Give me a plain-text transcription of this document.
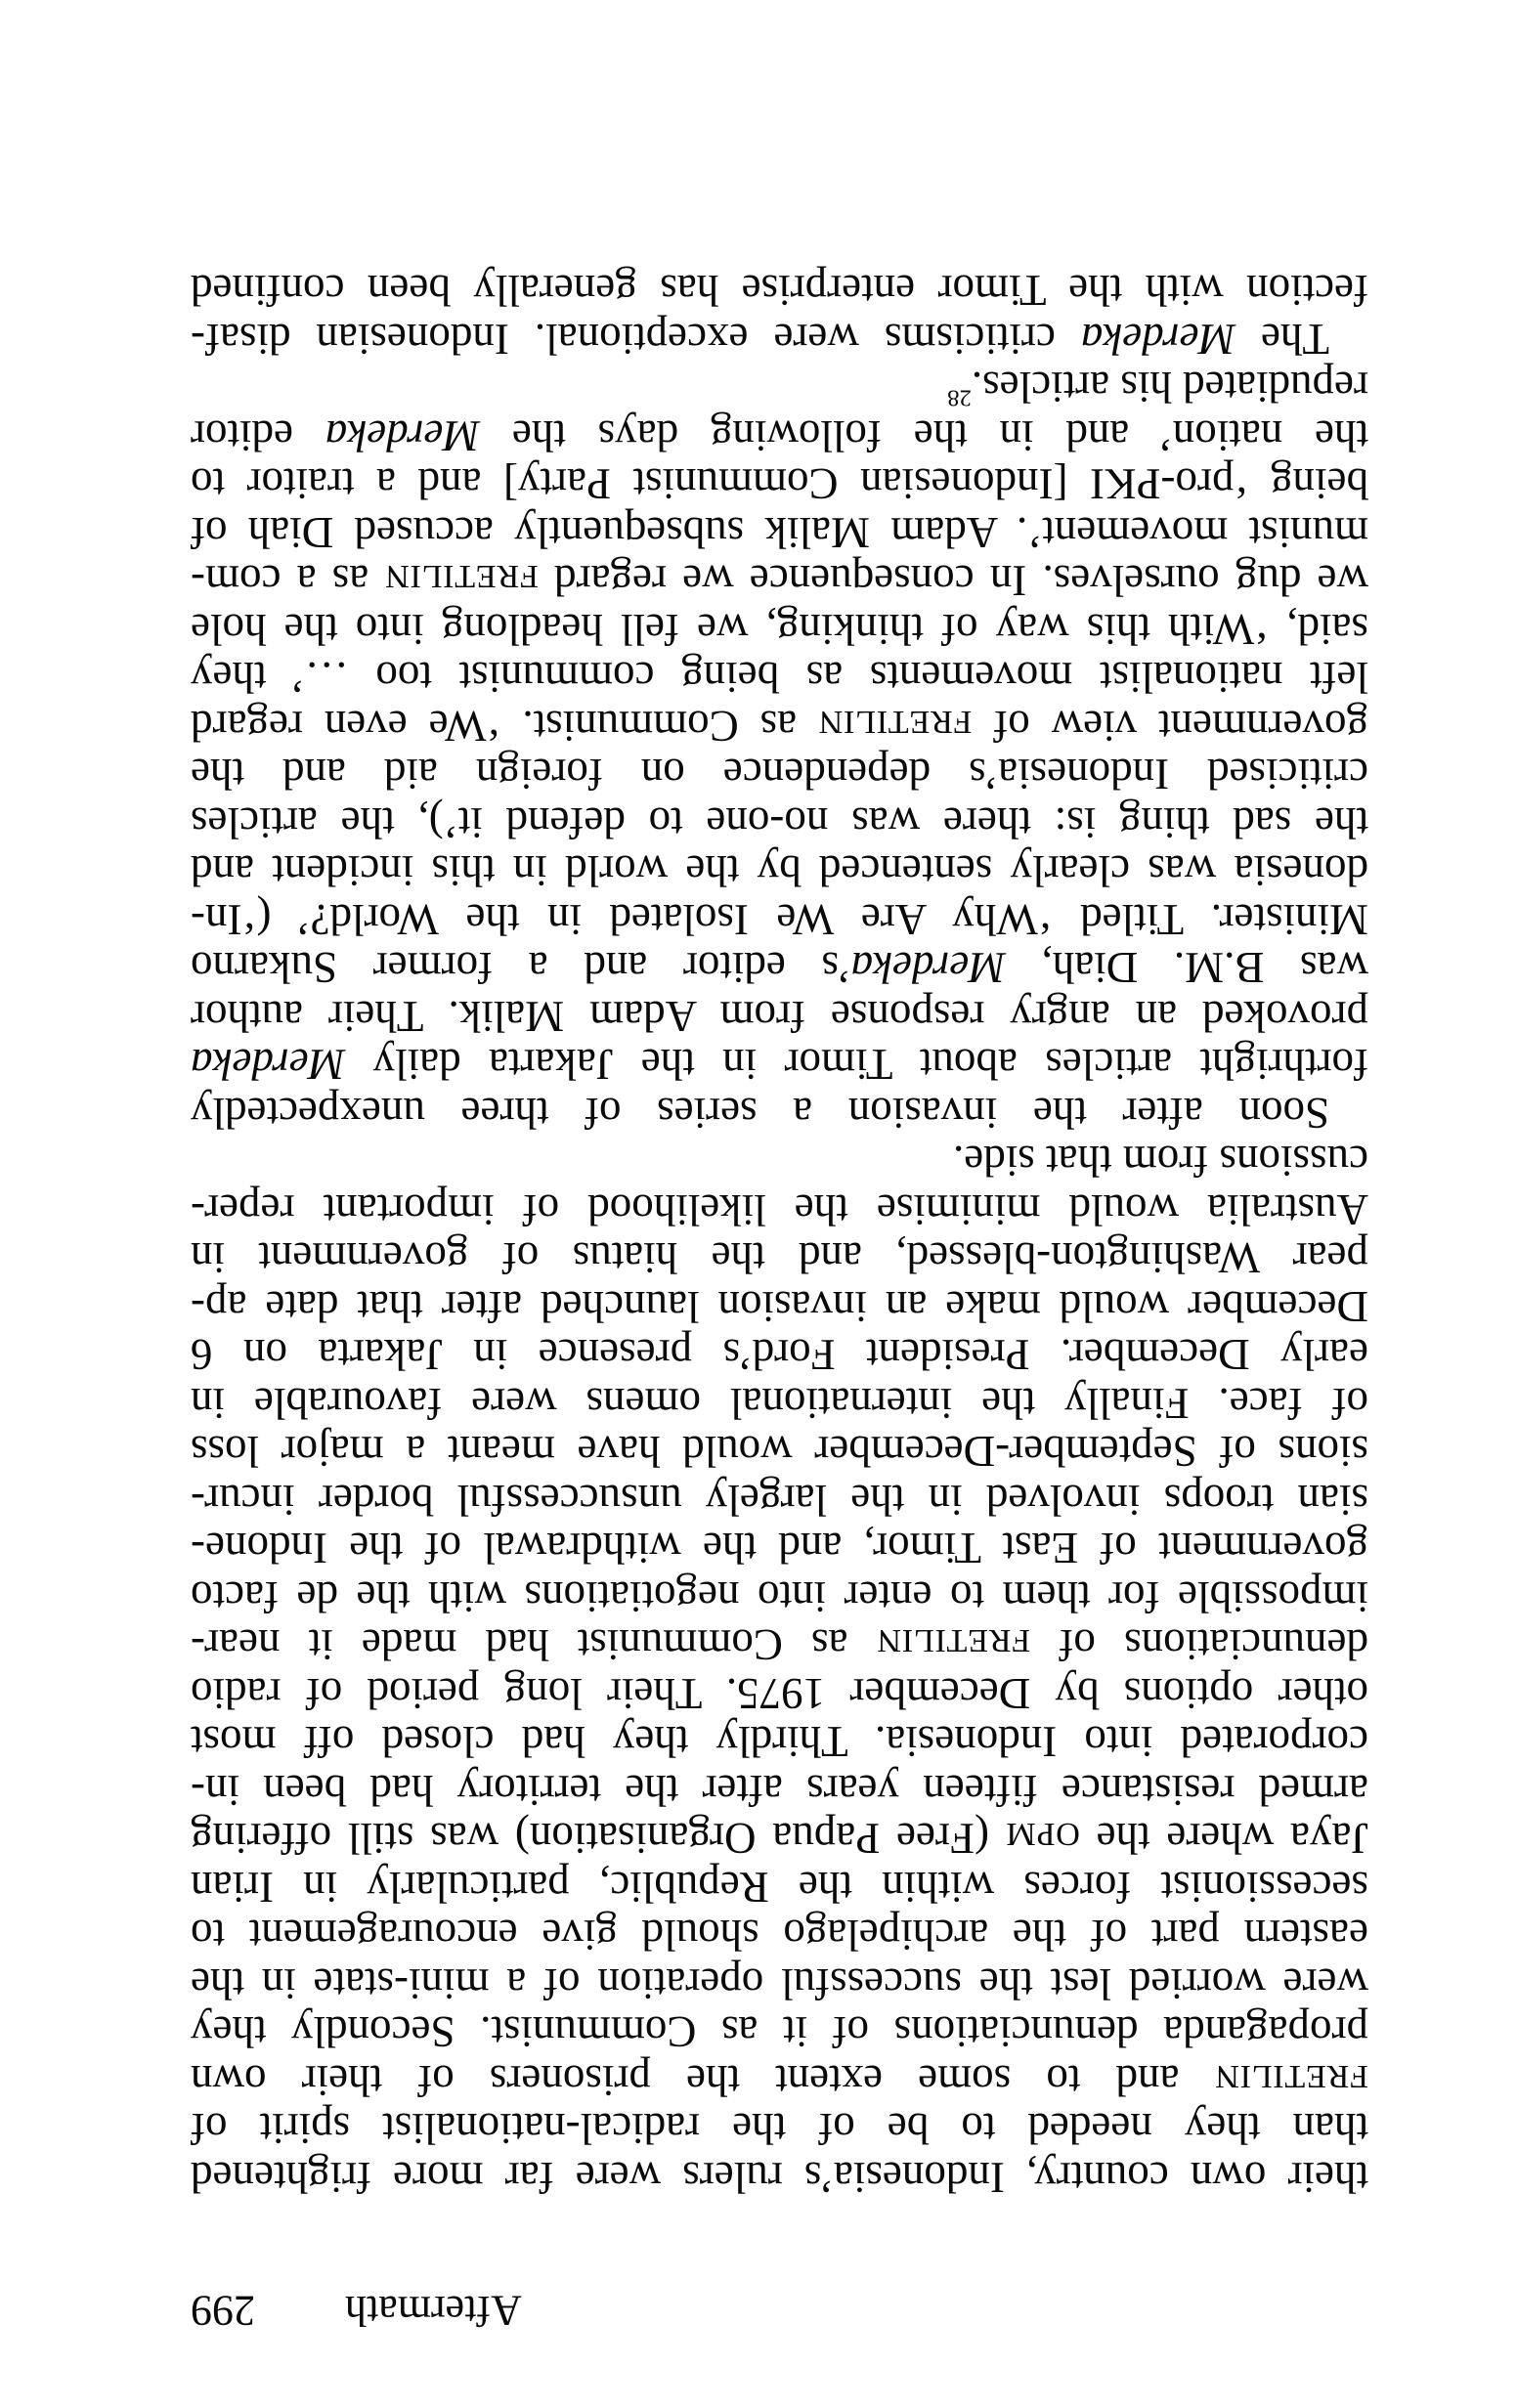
Aftermath
299
their own country, Indonesia’s rulers were far more frightened
than they needed to be of the radical-nationalist spirit of
FRETILIN and to some extent the prisoners of their own
propaganda denunciations of it as Communist. Secondly they
were worried lest the successful operation of a mini-state in the
eastern part of the archipelago should give encouragement to
secessionist forces within the Republic, particularly in Irian
Jaya where the OPM (Free Papua Organisation) was still offering
armed resistance fifteen years after the territory had been in-
corporated into Indonesia. Thirdly they had closed off most
other options by December 1975. Their long period of radio
denunciations of FRETILIN as Communist had made it near-
impossible for them to enter into negotiations with the de facto
government of East Timor, and the withdrawal of the Indone-
sian troops involved in the largely unsuccessful border incur-
sions of September-December would have meant a major loss
of face. Finally the international omens were favourable in
early December. President Ford’s presence in Jakarta on 6
December would make an invasion launched after that date ap-
pear Washington-blessed, and the hiatus of government in
Australia would minimise the likelihood of important reper-
cussions from that side.
Soon after the invasion a series of three unexpectedly
forthright articles about Timor in the Jakarta daily Merdeka
provoked an angry response from Adam Malik. Their author
was B.M. Diah, Merdeka’s editor and a former Sukarno
Minister. Titled ‘Why Are We Isolated in the World?’ (‘In-
donesia was clearly sentenced by the world in this incident and
the sad thing is: there was no-one to defend it’), the articles
criticised Indonesia’s dependence on foreign aid and the
government view of FRETILIN as Communist. ‘We even regard
left nationalist movements as being communist too …’ they
said, ‘With this way of thinking, we fell headlong into the hole
we dug ourselves. In consequence we regard FRETILIN as a com-
munist movement’. Adam Malik subsequently accused Diah of
being ‘pro-PKI [Indonesian Communist Party] and a traitor to
the nation’ and in the following days the Merdeka editor
repudiated his articles.$^{28}$
The Merdeka criticisms were exceptional. Indonesian disaf-
fection with the Timor enterprise has generally been confined
